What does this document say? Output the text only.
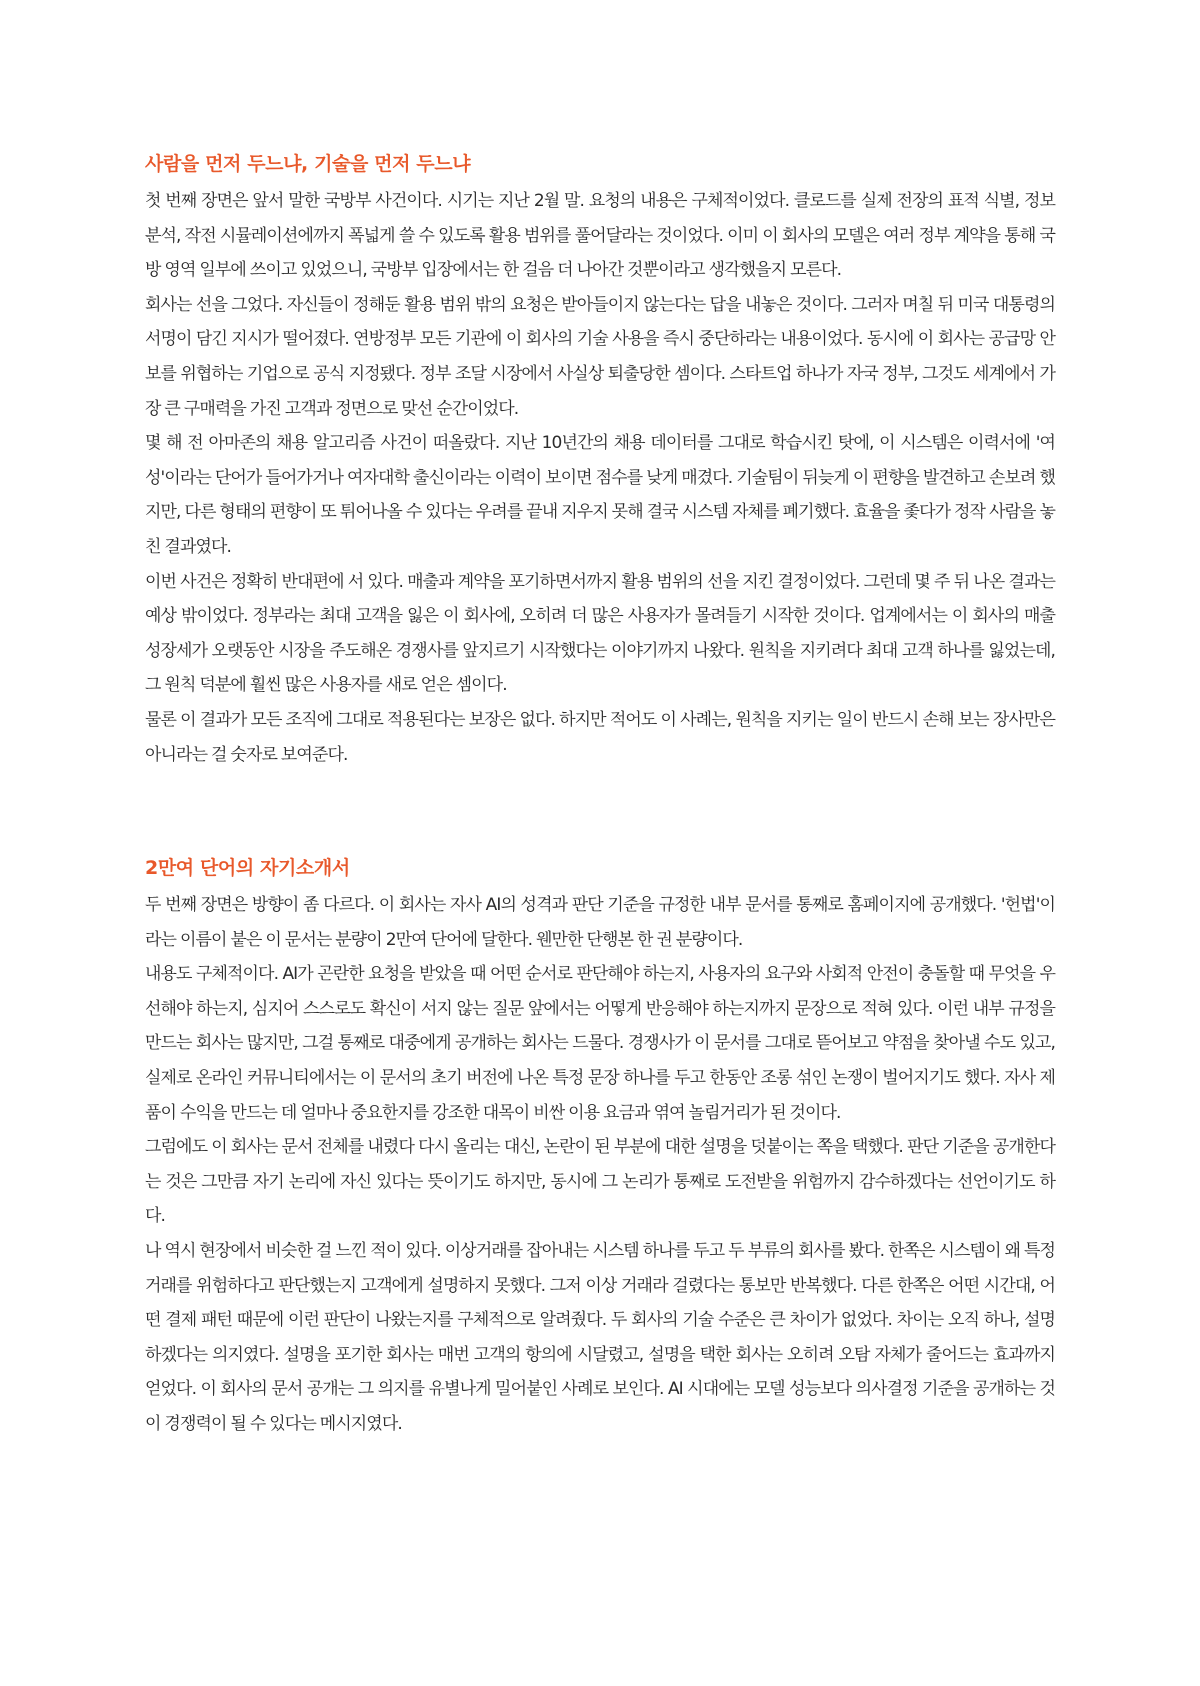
사람을 먼저 두느냐, 기술을 먼저 두느냐

첫 번째 장면은 앞서 말한 국방부 사건이다. 시기는 지난 2월 말. 요청의 내용은 구체적이었다. 클로드를 실제 전장의 표적 식별, 정보 분석, 작전 시뮬레이션에까지 폭넓게 쓸 수 있도록 활용 범위를 풀어달라는 것이었다. 이미 이 회사의 모델은 여러 정부 계약을 통해 국방 영역 일부에 쓰이고 있었으니, 국방부 입장에서는 한 걸음 더 나아간 것뿐이라고 생각했을지 모른다.

회사는 선을 그었다. 자신들이 정해둔 활용 범위 밖의 요청은 받아들이지 않는다는 답을 내놓은 것이다. 그러자 며칠 뒤 미국 대통령의 서명이 담긴 지시가 떨어졌다. 연방정부 모든 기관에 이 회사의 기술 사용을 즉시 중단하라는 내용이었다. 동시에 이 회사는 공급망 안보를 위협하는 기업으로 공식 지정됐다. 정부 조달 시장에서 사실상 퇴출당한 셈이다. 스타트업 하나가 자국 정부, 그것도 세계에서 가장 큰 구매력을 가진 고객과 정면으로 맞선 순간이었다.

몇 해 전 아마존의 채용 알고리즘 사건이 떠올랐다. 지난 10년간의 채용 데이터를 그대로 학습시킨 탓에, 이 시스템은 이력서에 '여성'이라는 단어가 들어가거나 여자대학 출신이라는 이력이 보이면 점수를 낮게 매겼다. 기술팀이 뒤늦게 이 편향을 발견하고 손보려 했지만, 다른 형태의 편향이 또 튀어나올 수 있다는 우려를 끝내 지우지 못해 결국 시스템 자체를 폐기했다. 효율을 좇다가 정작 사람을 놓친 결과였다.

이번 사건은 정확히 반대편에 서 있다. 매출과 계약을 포기하면서까지 활용 범위의 선을 지킨 결정이었다. 그런데 몇 주 뒤 나온 결과는 예상 밖이었다. 정부라는 최대 고객을 잃은 이 회사에, 오히려 더 많은 사용자가 몰려들기 시작한 것이다. 업계에서는 이 회사의 매출 성장세가 오랫동안 시장을 주도해온 경쟁사를 앞지르기 시작했다는 이야기까지 나왔다. 원칙을 지키려다 최대 고객 하나를 잃었는데, 그 원칙 덕분에 훨씬 많은 사용자를 새로 얻은 셈이다.

물론 이 결과가 모든 조직에 그대로 적용된다는 보장은 없다. 하지만 적어도 이 사례는, 원칙을 지키는 일이 반드시 손해 보는 장사만은 아니라는 걸 숫자로 보여준다.

2만여 단어의 자기소개서

두 번째 장면은 방향이 좀 다르다. 이 회사는 자사 AI의 성격과 판단 기준을 규정한 내부 문서를 통째로 홈페이지에 공개했다. '헌법'이라는 이름이 붙은 이 문서는 분량이 2만여 단어에 달한다. 웬만한 단행본 한 권 분량이다.

내용도 구체적이다. AI가 곤란한 요청을 받았을 때 어떤 순서로 판단해야 하는지, 사용자의 요구와 사회적 안전이 충돌할 때 무엇을 우선해야 하는지, 심지어 스스로도 확신이 서지 않는 질문 앞에서는 어떻게 반응해야 하는지까지 문장으로 적혀 있다. 이런 내부 규정을 만드는 회사는 많지만, 그걸 통째로 대중에게 공개하는 회사는 드물다. 경쟁사가 이 문서를 그대로 뜯어보고 약점을 찾아낼 수도 있고, 실제로 온라인 커뮤니티에서는 이 문서의 초기 버전에 나온 특정 문장 하나를 두고 한동안 조롱 섞인 논쟁이 벌어지기도 했다. 자사 제품이 수익을 만드는 데 얼마나 중요한지를 강조한 대목이 비싼 이용 요금과 엮여 놀림거리가 된 것이다.

그럼에도 이 회사는 문서 전체를 내렸다 다시 올리는 대신, 논란이 된 부분에 대한 설명을 덧붙이는 쪽을 택했다. 판단 기준을 공개한다는 것은 그만큼 자기 논리에 자신 있다는 뜻이기도 하지만, 동시에 그 논리가 통째로 도전받을 위험까지 감수하겠다는 선언이기도 하다.

나 역시 현장에서 비슷한 걸 느낀 적이 있다. 이상거래를 잡아내는 시스템 하나를 두고 두 부류의 회사를 봤다. 한쪽은 시스템이 왜 특정 거래를 위험하다고 판단했는지 고객에게 설명하지 못했다. 그저 이상 거래라 걸렸다는 통보만 반복했다. 다른 한쪽은 어떤 시간대, 어떤 결제 패턴 때문에 이런 판단이 나왔는지를 구체적으로 알려줬다. 두 회사의 기술 수준은 큰 차이가 없었다. 차이는 오직 하나, 설명하겠다는 의지였다. 설명을 포기한 회사는 매번 고객의 항의에 시달렸고, 설명을 택한 회사는 오히려 오탐 자체가 줄어드는 효과까지 얻었다. 이 회사의 문서 공개는 그 의지를 유별나게 밀어붙인 사례로 보인다. AI 시대에는 모델 성능보다 의사결정 기준을 공개하는 것이 경쟁력이 될 수 있다는 메시지였다.
